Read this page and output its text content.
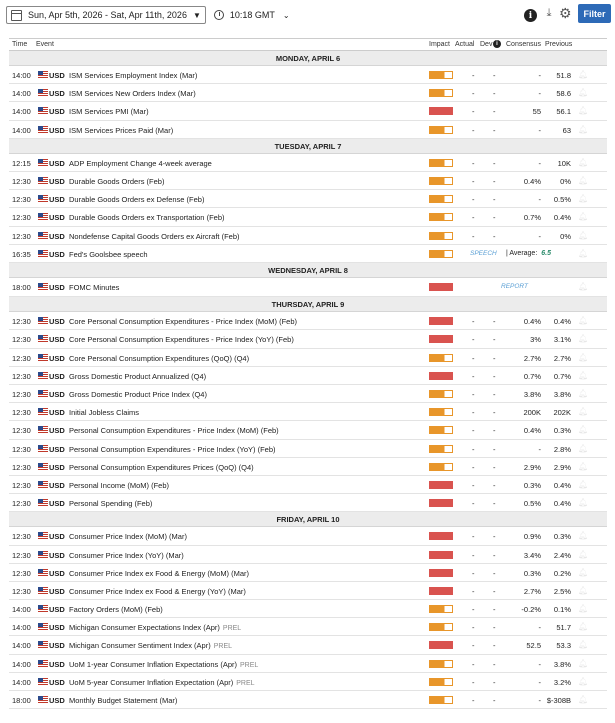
Sun, Apr 5th, 2026 - Sat, Apr 11th, 2026 ▼	10:18 GMT ⌄	i	⤓ ⚙	Filter
Time Event	Impact Actual Dev i	Consensus Previous
MONDAY, APRIL 6
14:00 USD ISM Services Employment Index (Mar)	- -	-	51.8 🔔︎
14:00 USD ISM Services New Orders Index (Mar)	- -	-	58.6 🔔︎
14:00 USD ISM Services PMI (Mar)	- -	55	56.1 🔔︎
14:00 USD ISM Services Prices Paid (Mar)	- -	-	63 🔔︎
TUESDAY, APRIL 7
12:15 USD ADP Employment Change 4-week average	- -	-	10K 🔔︎
12:30 USD Durable Goods Orders (Feb)	- -	0.4%	0% 🔔︎
12:30 USD Durable Goods Orders ex Defense (Feb)	- -	-	0.5% 🔔︎
12:30 USD Durable Goods Orders ex Transportation (Feb)	- -	0.7%	0.4% 🔔︎
12:30 USD Nondefense Capital Goods Orders ex Aircraft (Feb)	- -	-	0% 🔔︎
16:35 USD Fed's Goolsbee speech	SPEECH | Average: 6.5	🔔︎
WEDNESDAY, APRIL 8
18:00 USD FOMC Minutes	REPORT	🔔︎
THURSDAY, APRIL 9
12:30 USD Core Personal Consumption Expenditures - Price Index (MoM) (Feb)	- -	0.4%	0.4% 🔔︎
12:30 USD Core Personal Consumption Expenditures - Price Index (YoY) (Feb)	- -	3%	3.1% 🔔︎
12:30 USD Core Personal Consumption Expenditures (QoQ) (Q4)	- -	2.7%	2.7% 🔔︎
12:30 USD Gross Domestic Product Annualized (Q4)	- -	0.7%	0.7% 🔔︎
12:30 USD Gross Domestic Product Price Index (Q4)	- -	3.8%	3.8% 🔔︎
12:30 USD Initial Jobless Claims	- -	200K	202K 🔔︎
12:30 USD Personal Consumption Expenditures - Price Index (MoM) (Feb)	- -	0.4%	0.3% 🔔︎
12:30 USD Personal Consumption Expenditures - Price Index (YoY) (Feb)	- -	-	2.8% 🔔︎
12:30 USD Personal Consumption Expenditures Prices (QoQ) (Q4)	- -	2.9%	2.9% 🔔︎
12:30 USD Personal Income (MoM) (Feb)	- -	0.3%	0.4% 🔔︎
12:30 USD Personal Spending (Feb)	- -	0.5%	0.4% 🔔︎
FRIDAY, APRIL 10
12:30 USD Consumer Price Index (MoM) (Mar)	- -	0.9%	0.3% 🔔︎
12:30 USD Consumer Price Index (YoY) (Mar)	- -	3.4%	2.4% 🔔︎
12:30 USD Consumer Price Index ex Food & Energy (MoM) (Mar)	- -	0.3%	0.2% 🔔︎
12:30 USD Consumer Price Index ex Food & Energy (YoY) (Mar)	- -	2.7%	2.5% 🔔︎
14:00 USD Factory Orders (MoM) (Feb)	- -	-0.2%	0.1% 🔔︎
14:00 USD Michigan Consumer Expectations Index (Apr) PREL	- -	-	51.7 🔔︎
14:00 USD Michigan Consumer Sentiment Index (Apr) PREL	- -	52.5	53.3 🔔︎
14:00 USD UoM 1-year Consumer Inflation Expectations (Apr) PREL	- -	-	3.8% 🔔︎
14:00 USD UoM 5-year Consumer Inflation Expectation (Apr) PREL	- -	-	3.2% 🔔︎
18:00 USD Monthly Budget Statement (Mar)	- -	- $-308B 🔔︎
